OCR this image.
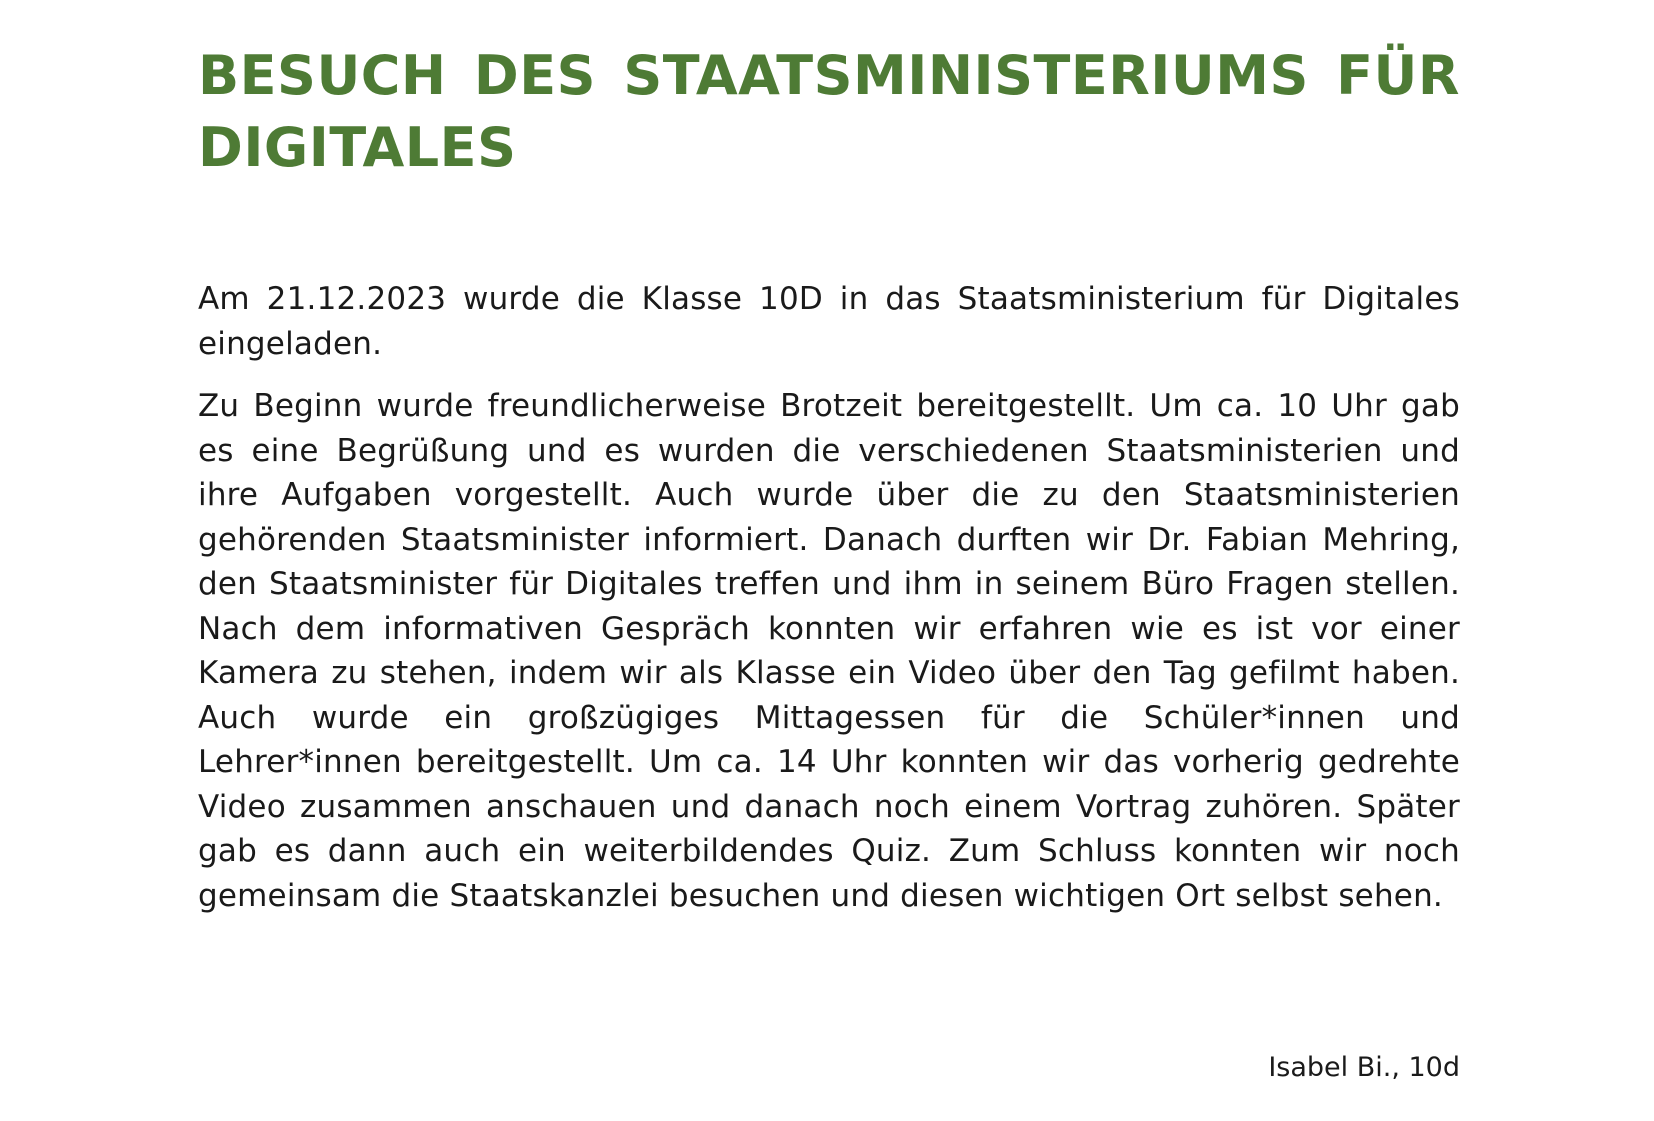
BESUCH DES STAATSMINISTERIUMS FÜR DIGITALES

Am 21.12.2023 wurde die Klasse 10D in das Staatsministerium für Digitales eingeladen.

Zu Beginn wurde freundlicherweise Brotzeit bereitgestellt. Um ca. 10 Uhr gab es eine Begrüßung und es wurden die verschiedenen Staatsministerien und ihre Aufgaben vorgestellt. Auch wurde über die zu den Staatsministerien gehörenden Staatsminister informiert. Danach durften wir Dr. Fabian Mehring, den Staatsminister für Digitales treffen und ihm in seinem Büro Fragen stellen. Nach dem informativen Gespräch konnten wir erfahren wie es ist vor einer Kamera zu stehen, indem wir als Klasse ein Video über den Tag gefilmt haben. Auch wurde ein großzügiges Mittagessen für die Schüler*innen und Lehrer*innen bereitgestellt. Um ca. 14 Uhr konnten wir das vorherig gedrehte Video zusammen anschauen und danach noch einem Vortrag zuhören. Später gab es dann auch ein weiterbildendes Quiz. Zum Schluss konnten wir noch gemeinsam die Staatskanzlei besuchen und diesen wichtigen Ort selbst sehen.

Isabel Bi., 10d
